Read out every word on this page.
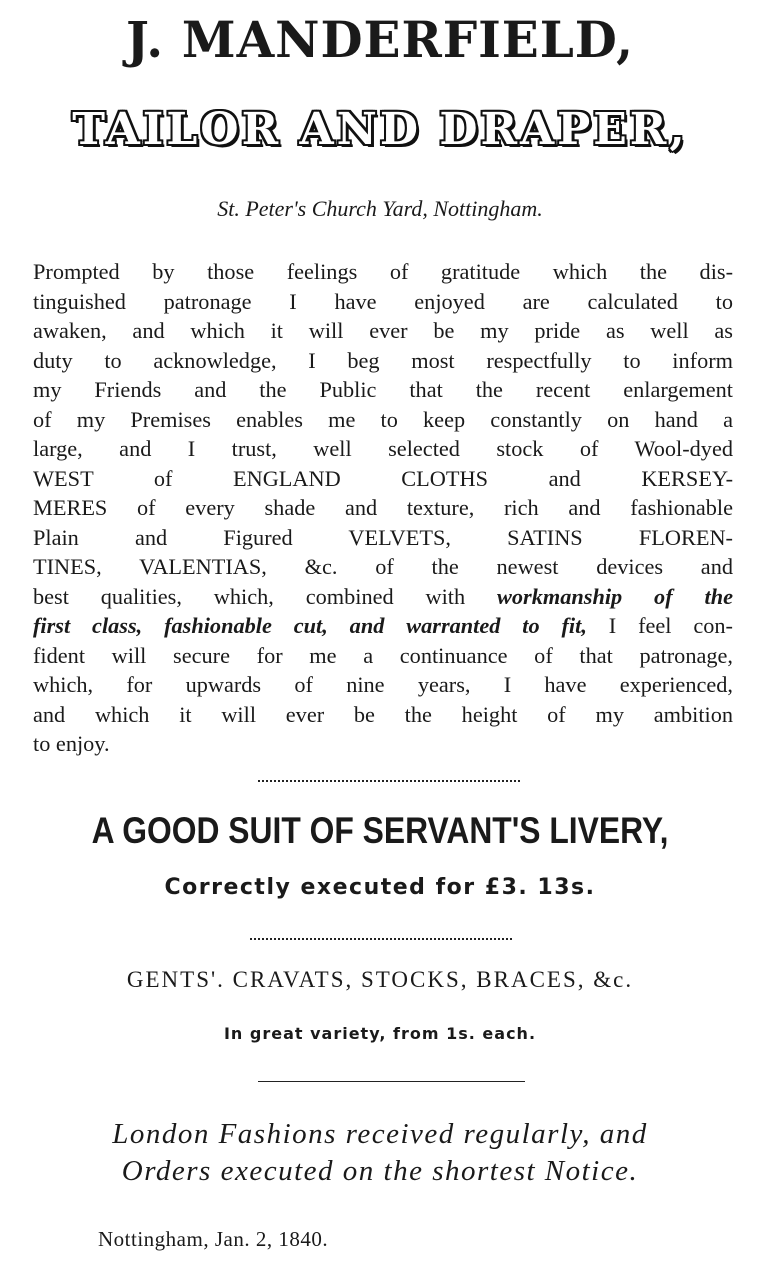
J. MANDERFIELD,
TAILOR AND DRAPER,
St. Peter's Church Yard, Nottingham.
Prompted by those feelings of gratitude which the dis-
tinguished patronage I have enjoyed are calculated to
awaken, and which it will ever be my pride as well as
duty to acknowledge, I beg most respectfully to inform
my Friends and the Public that the recent enlargement
of my Premises enables me to keep constantly on hand a
large, and I trust, well selected stock of Wool-dyed
WEST of ENGLAND CLOTHS and KERSEY-
MERES of every shade and texture, rich and fashionable
Plain and Figured VELVETS, SATINS FLOREN-
TINES, VALENTIAS, &c. of the newest devices and
best qualities, which, combined with workmanship of the
first class, fashionable cut, and warranted to fit, I feel con-
fident will secure for me a continuance of that patronage,
which, for upwards of nine years, I have experienced,
and which it will ever be the height of my ambition
to enjoy.
A GOOD SUIT OF SERVANT'S LIVERY,
Correctly executed for £3. 13s.
GENTS'. CRAVATS, STOCKS, BRACES, &c.
In great variety, from 1s. each.
London Fashions received regularly, and
Orders executed on the shortest Notice.
Nottingham, Jan. 2, 1840.
